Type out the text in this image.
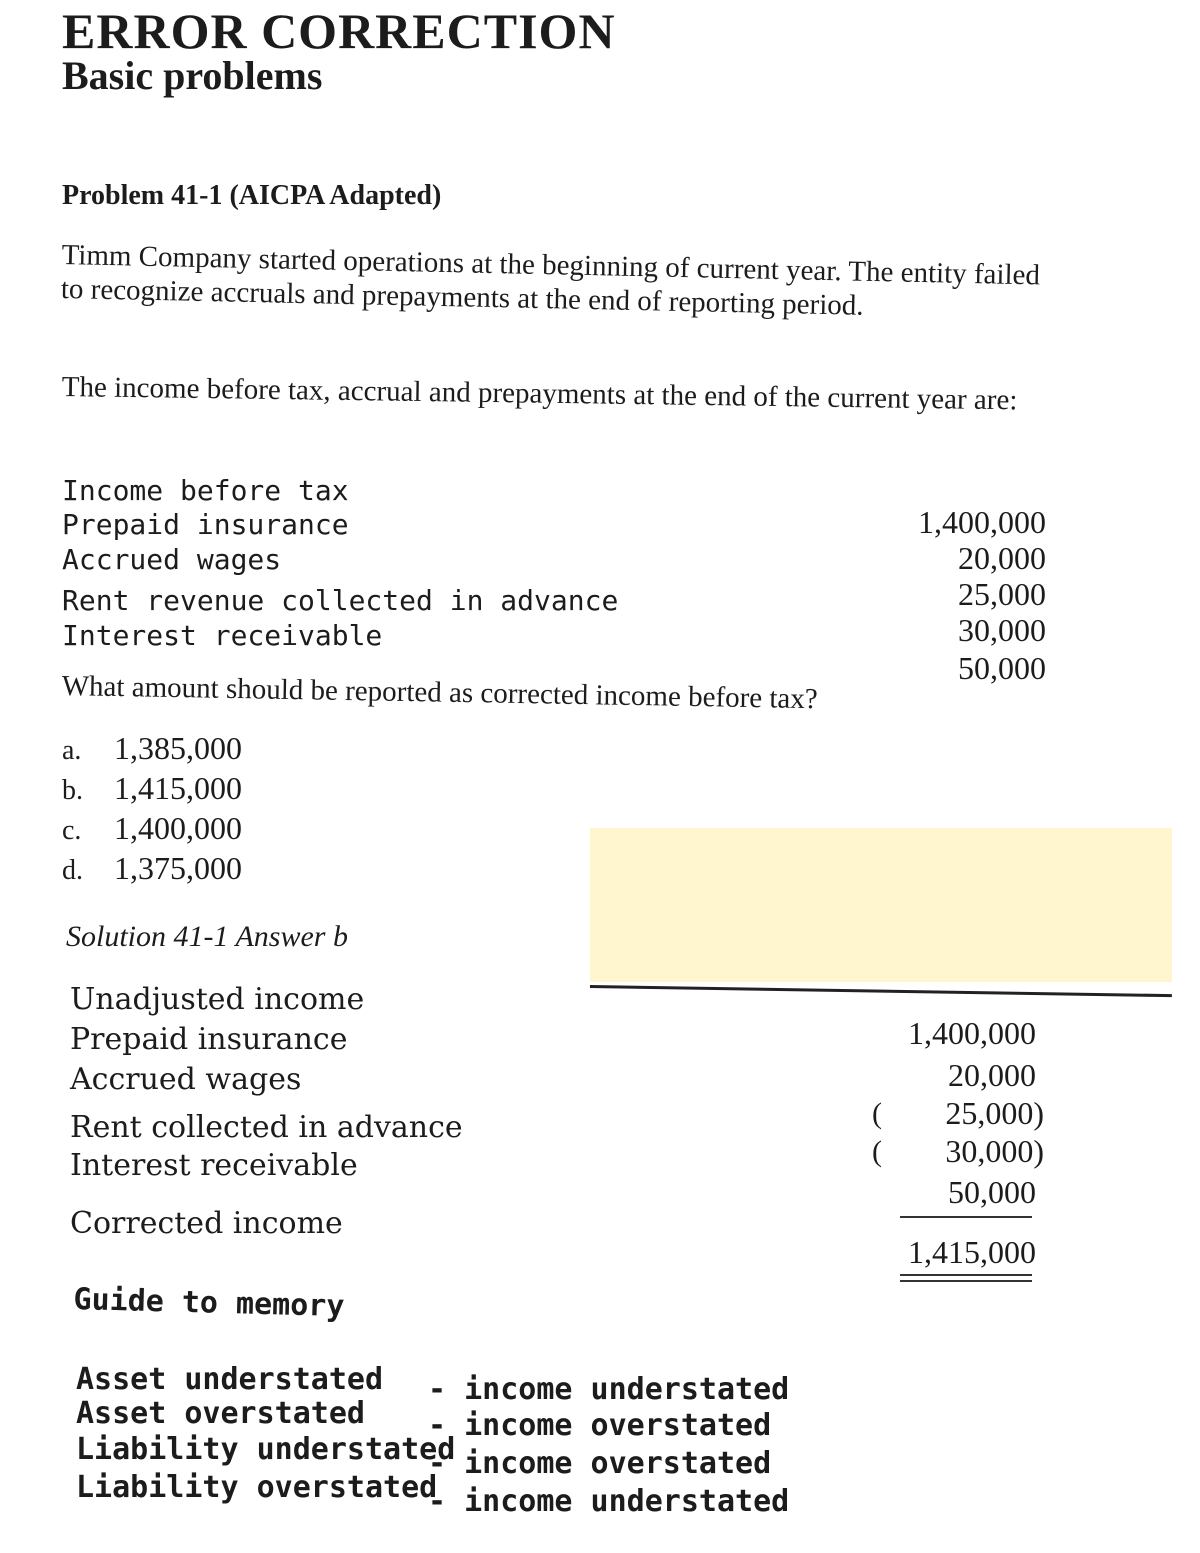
ERROR CORRECTION
Basic problems
Problem 41-1 (AICPA Adapted)
Timm Company started operations at the beginning of current year. The entity failed to recognize accruals and prepayments at the end of reporting period.
The income before tax, accrual and prepayments at the end of the current year are:
Income before tax
Prepaid insurance
Accrued wages
Rent revenue collected in advance
Interest receivable
1,400,000
20,000
25,000
30,000
50,000
What amount should be reported as corrected income before tax?
a. 1,385,000
b. 1,415,000
c. 1,400,000
d. 1,375,000
Solution 41-1 Answer b
Unadjusted income
Prepaid insurance
Accrued wages
Rent collected in advance
Interest receivable
1,400,000
20,000
(	25,000)
(	30,000)
50,000
Corrected income
1,415,000
Guide to memory
Asset understated - income understated
Asset overstated - income overstated
Liability understated
- income overstated
Liability overstated
- income understated
